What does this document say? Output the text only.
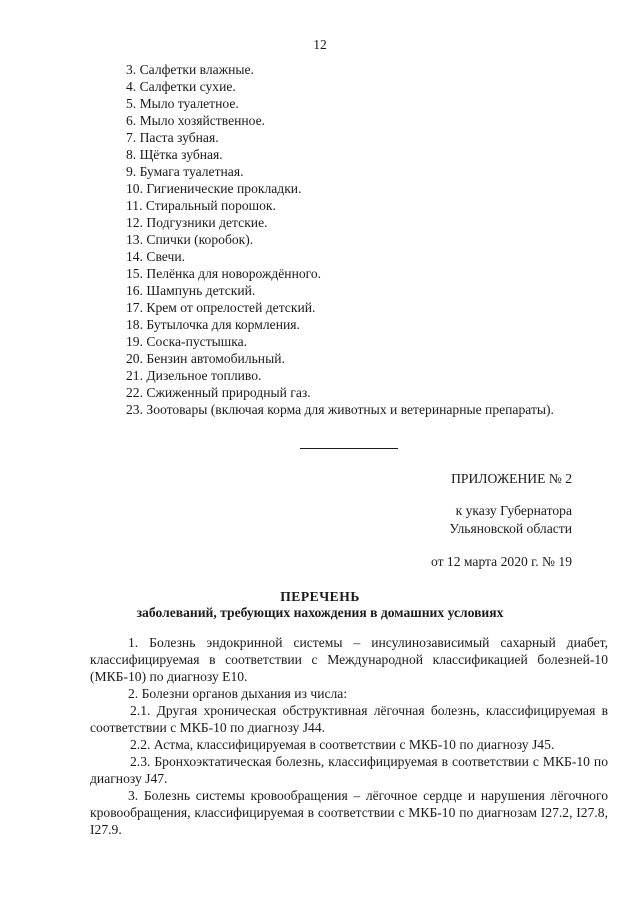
12
3. Салфетки влажные.
4. Салфетки сухие.
5. Мыло туалетное.
6. Мыло хозяйственное.
7. Паста зубная.
8. Щётка зубная.
9. Бумага туалетная.
10. Гигиенические прокладки.
11. Стиральный порошок.
12. Подгузники детские.
13. Спички (коробок).
14. Свечи.
15. Пелёнка для новорождённого.
16. Шампунь детский.
17. Крем от опрелостей детский.
18. Бутылочка для кормления.
19. Соска-пустышка.
20. Бензин автомобильный.
21. Дизельное топливо.
22. Сжиженный природный газ.
23. Зоотовары (включая корма для животных и ветеринарные препараты).
ПРИЛОЖЕНИЕ № 2
к указу Губернатора
Ульяновской области
от 12 марта 2020 г. № 19
ПЕРЕЧЕНЬ
заболеваний, требующих нахождения в домашних условиях

1. Болезнь эндокринной системы – инсулинозависимый сахарный диабет, классифицируемая в соответствии с Международной классификацией болезней-10 (МКБ-10) по диагнозу Е10.

2. Болезни органов дыхания из числа:

2.1. Другая хроническая обструктивная лёгочная болезнь, классифицируемая в соответствии с МКБ-10 по диагнозу J44.

2.2. Астма, классифицируемая в соответствии с МКБ-10 по диагнозу J45.

2.3. Бронхоэктатическая болезнь, классифицируемая в соответствии с МКБ-10 по диагнозу J47.

3. Болезнь системы кровообращения – лёгочное сердце и нарушения лёгочного кровообращения, классифицируемая в соответствии с МКБ-10 по диагнозам I27.2, I27.8, I27.9.
